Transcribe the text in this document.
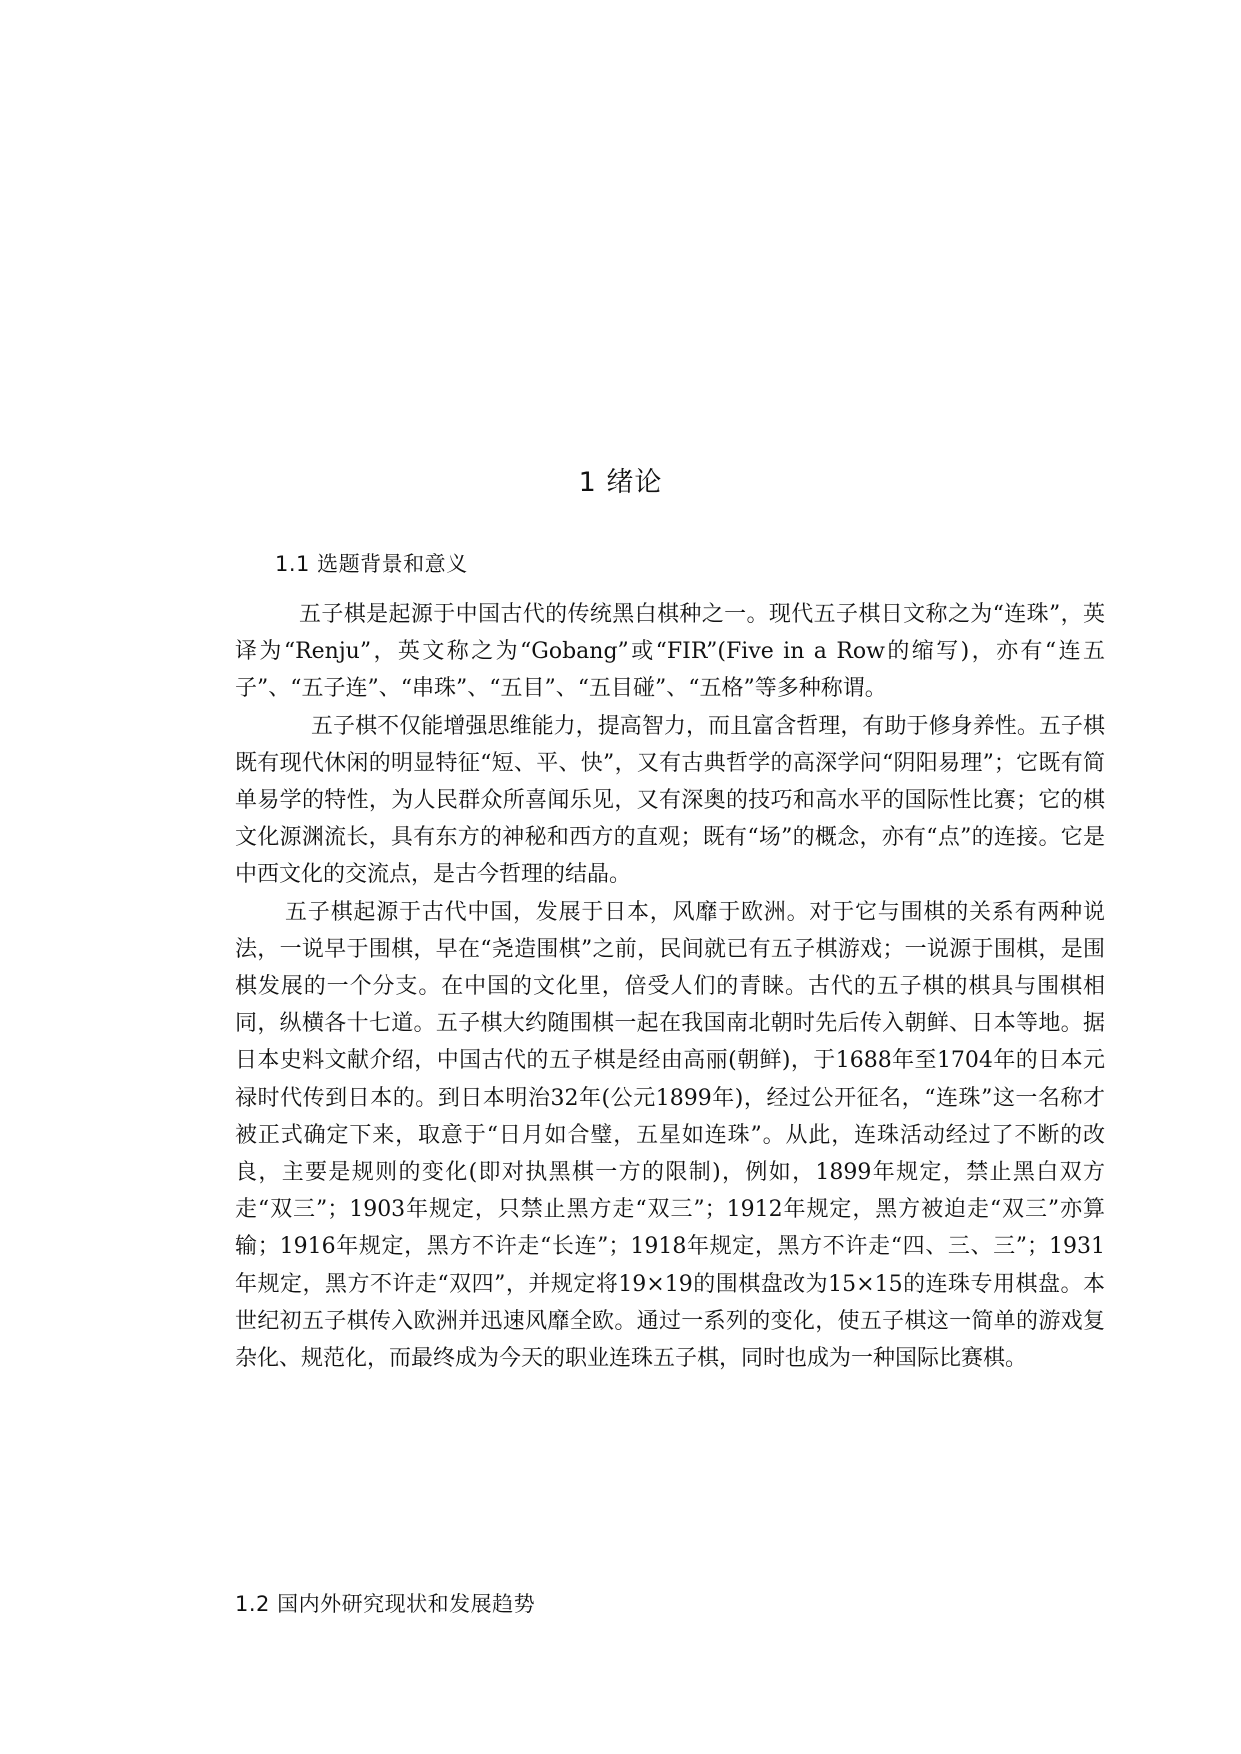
1 绪论
1.1 选题背景和意义

五子棋是起源于中国古代的传统黑白棋种之一。现代五子棋日文称之为“连珠”，英译为“Renju”，英文称之为“Gobang”或“FIR”(Five in a Row的缩写)，亦有“连五子”、“五子连”、“串珠”、“五目”、“五目碰”、“五格”等多种称谓。

五子棋不仅能增强思维能力，提高智力，而且富含哲理，有助于修身养性。五子棋既有现代休闲的明显特征“短、平、快”，又有古典哲学的高深学问“阴阳易理”；它既有简单易学的特性，为人民群众所喜闻乐见，又有深奥的技巧和高水平的国际性比赛；它的棋文化源渊流长，具有东方的神秘和西方的直观；既有“场”的概念，亦有“点”的连接。它是中西文化的交流点，是古今哲理的结晶。

五子棋起源于古代中国，发展于日本，风靡于欧洲。对于它与围棋的关系有两种说法，一说早于围棋，早在“尧造围棋”之前，民间就已有五子棋游戏；一说源于围棋，是围棋发展的一个分支。在中国的文化里，倍受人们的青睐。古代的五子棋的棋具与围棋相同，纵横各十七道。五子棋大约随围棋一起在我国南北朝时先后传入朝鲜、日本等地。据日本史料文献介绍，中国古代的五子棋是经由高丽(朝鲜)，于1688年至1704年的日本元禄时代传到日本的。到日本明治32年(公元1899年)，经过公开征名，“连珠”这一名称才被正式确定下来，取意于“日月如合璧，五星如连珠”。从此，连珠活动经过了不断的改良，主要是规则的变化(即对执黑棋一方的限制)，例如，1899年规定，禁止黑白双方走“双三”；1903年规定，只禁止黑方走“双三”；1912年规定，黑方被迫走“双三”亦算输；1916年规定，黑方不许走“长连”；1918年规定，黑方不许走“四、三、三”；1931年规定，黑方不许走“双四”，并规定将19×19的围棋盘改为15×15的连珠专用棋盘。本世纪初五子棋传入欧洲并迅速风靡全欧。通过一系列的变化，使五子棋这一简单的游戏复杂化、规范化，而最终成为今天的职业连珠五子棋，同时也成为一种国际比赛棋。

1.2 国内外研究现状和发展趋势
